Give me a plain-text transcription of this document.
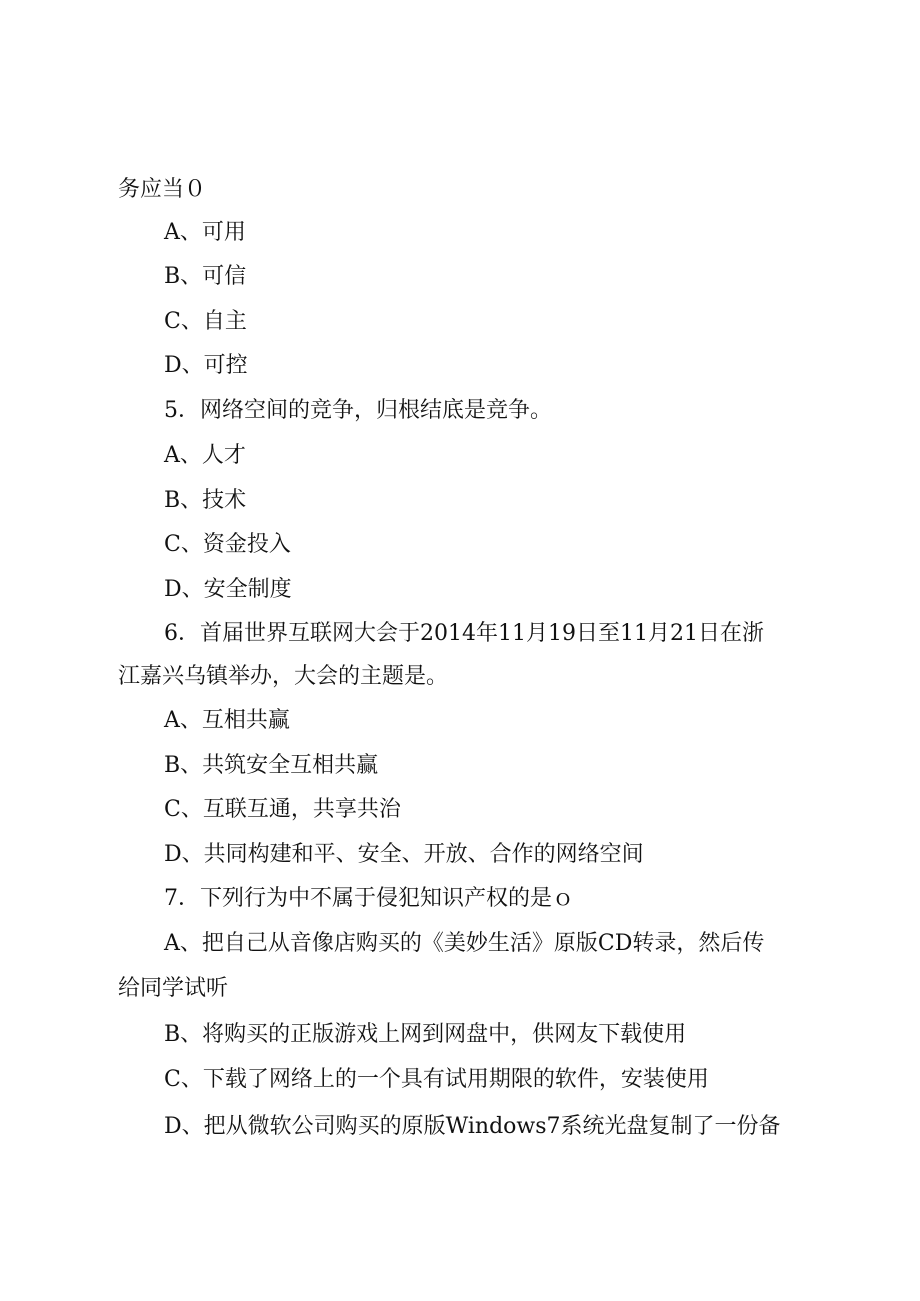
务应当０
A、可用
B、可信
C、自主
D、可控
5．网络空间的竞争，归根结底是竞争。
A、人才
B、技术
C、资金投入
D、安全制度
6．首届世界互联网大会于2014年11月19日至11月21日在浙
江嘉兴乌镇举办，大会的主题是。
A、互相共赢
B、共筑安全互相共赢
C、互联互通，共享共治
D、共同构建和平、安全、开放、合作的网络空间
7．下列行为中不属于侵犯知识产权的是ｏ
A、把自己从音像店购买的《美妙生活》原版CD转录，然后传
给同学试听
B、将购买的正版游戏上网到网盘中，供网友下载使用
C、下载了网络上的一个具有试用期限的软件，安装使用
D、把从微软公司购买的原版Windows7系统光盘复制了一份备
